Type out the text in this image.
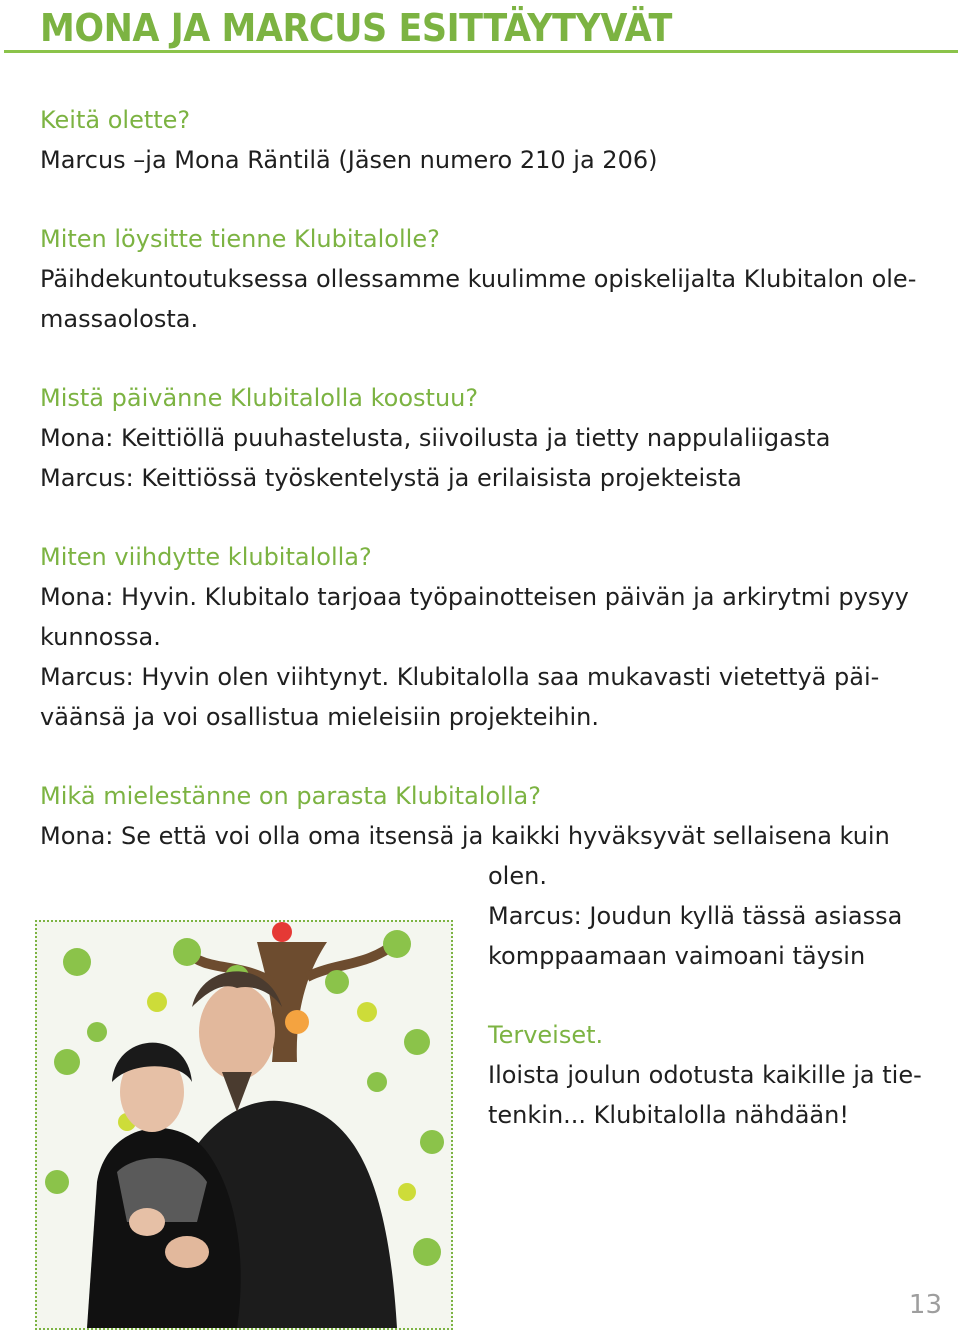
MONA JA MARCUS ESITTÄYTYVÄT
Keitä olette?
Marcus –ja Mona Räntilä (Jäsen numero 210 ja 206)
Miten löysitte tienne Klubitalolle?
Päihdekuntoutuksessa ollessamme kuulimme opiskelijalta Klubitalon ole-
massaolosta.
Mistä päivänne Klubitalolla koostuu?
Mona: Keittiöllä puuhastelusta, siivoilusta ja tietty nappulaliigasta
Marcus: Keittiössä työskentelystä ja erilaisista projekteista
Miten viihdytte klubitalolla?
Mona: Hyvin. Klubitalo tarjoaa työpainotteisen päivän ja arkirytmi pysyy
kunnossa.
Marcus: Hyvin olen viihtynyt. Klubitalolla saa mukavasti vietettyä päi-
väänsä ja voi osallistua mieleisiin projekteihin.
Mikä mielestänne on parasta Klubitalolla?
Mona: Se että voi olla oma itsensä ja kaikki hyväksyvät sellaisena kuin
olen.
Marcus: Joudun kyllä tässä asiassa
komppaamaan vaimoani täysin
Terveiset.
Iloista joulun odotusta kaikille ja tie-
tenkin... Klubitalolla nähdään!
13
